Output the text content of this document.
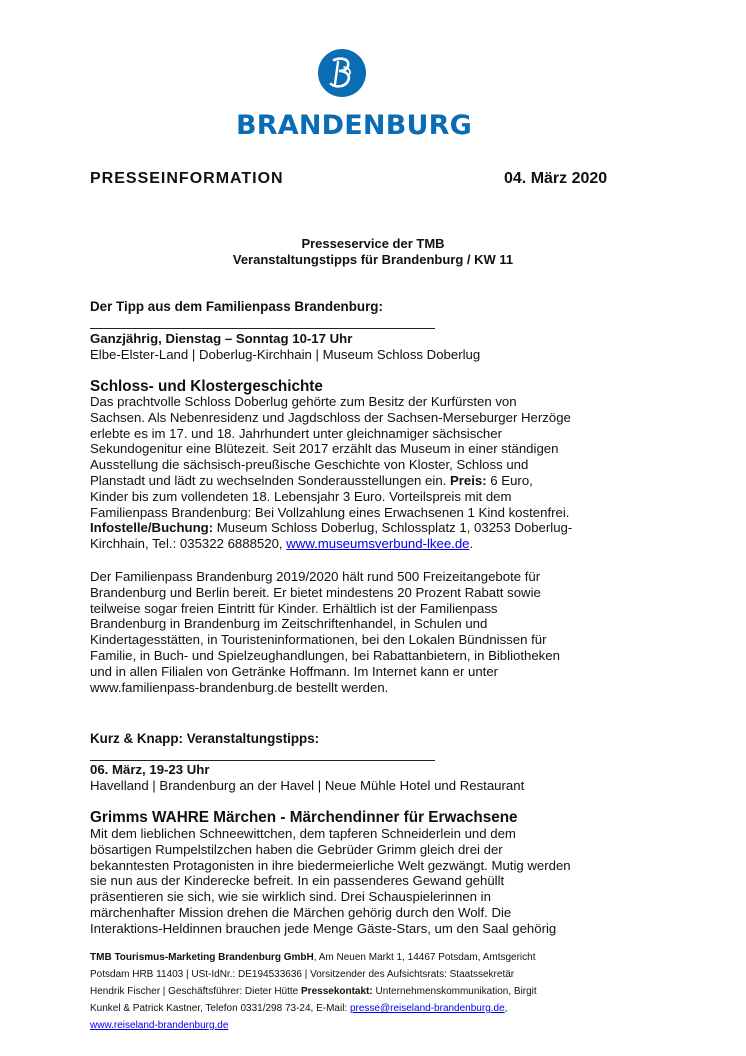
BRANDENBURG
PRESSEINFORMATION	04. März 2020
Presseservice der TMB
Veranstaltungstipps für Brandenburg / KW 11
Der Tipp aus dem Familienpass Brandenburg:
Ganzjährig, Dienstag – Sonntag 10-17 Uhr
Elbe-Elster-Land | Doberlug-Kirchhain | Museum Schloss Doberlug
Schloss- und Klostergeschichte
Das prachtvolle Schloss Doberlug gehörte zum Besitz der Kurfürsten von
Sachsen. Als Nebenresidenz und Jagdschloss der Sachsen-Merseburger Herzöge
erlebte es im 17. und 18. Jahrhundert unter gleichnamiger sächsischer
Sekundogenitur eine Blütezeit. Seit 2017 erzählt das Museum in einer ständigen
Ausstellung die sächsisch-preußische Geschichte von Kloster, Schloss und
Planstadt und lädt zu wechselnden Sonderausstellungen ein. Preis: 6 Euro,
Kinder bis zum vollendeten 18. Lebensjahr 3 Euro. Vorteilspreis mit dem
Familienpass Brandenburg: Bei Vollzahlung eines Erwachsenen 1 Kind kostenfrei.
Infostelle/Buchung: Museum Schloss Doberlug, Schlossplatz 1, 03253 Doberlug-
Kirchhain, Tel.: 035322 6888520, www.museumsverbund-lkee.de.
Der Familienpass Brandenburg 2019/2020 hält rund 500 Freizeitangebote für
Brandenburg und Berlin bereit. Er bietet mindestens 20 Prozent Rabatt sowie
teilweise sogar freien Eintritt für Kinder. Erhältlich ist der Familienpass
Brandenburg in Brandenburg im Zeitschriftenhandel, in Schulen und
Kindertagesstätten, in Touristeninformationen, bei den Lokalen Bündnissen für
Familie, in Buch- und Spielzeughandlungen, bei Rabattanbietern, in Bibliotheken
und in allen Filialen von Getränke Hoffmann. Im Internet kann er unter
www.familienpass-brandenburg.de bestellt werden.
Kurz & Knapp: Veranstaltungstipps:
06. März, 19-23 Uhr
Havelland | Brandenburg an der Havel | Neue Mühle Hotel und Restaurant
Grimms WAHRE Märchen - Märchendinner für Erwachsene
Mit dem lieblichen Schneewittchen, dem tapferen Schneiderlein und dem
bösartigen Rumpelstilzchen haben die Gebrüder Grimm gleich drei der
bekanntesten Protagonisten in ihre biedermeierliche Welt gezwängt. Mutig werden
sie nun aus der Kinderecke befreit. In ein passenderes Gewand gehüllt
präsentieren sie sich, wie sie wirklich sind. Drei Schauspielerinnen in
märchenhafter Mission drehen die Märchen gehörig durch den Wolf. Die
Interaktions-Heldinnen brauchen jede Menge Gäste-Stars, um den Saal gehörig
TMB Tourismus-Marketing Brandenburg GmbH, Am Neuen Markt 1, 14467 Potsdam, Amtsgericht
Potsdam HRB 11403 | USt-IdNr.: DE194533636 | Vorsitzender des Aufsichtsrats: Staatssekretär
Hendrik Fischer | Geschäftsführer: Dieter Hütte Pressekontakt: Unternehmenskommunikation, Birgit
Kunkel & Patrick Kastner, Telefon 0331/298 73-24, E-Mail: presse@reiseland-brandenburg.de,
www.reiseland-brandenburg.de
